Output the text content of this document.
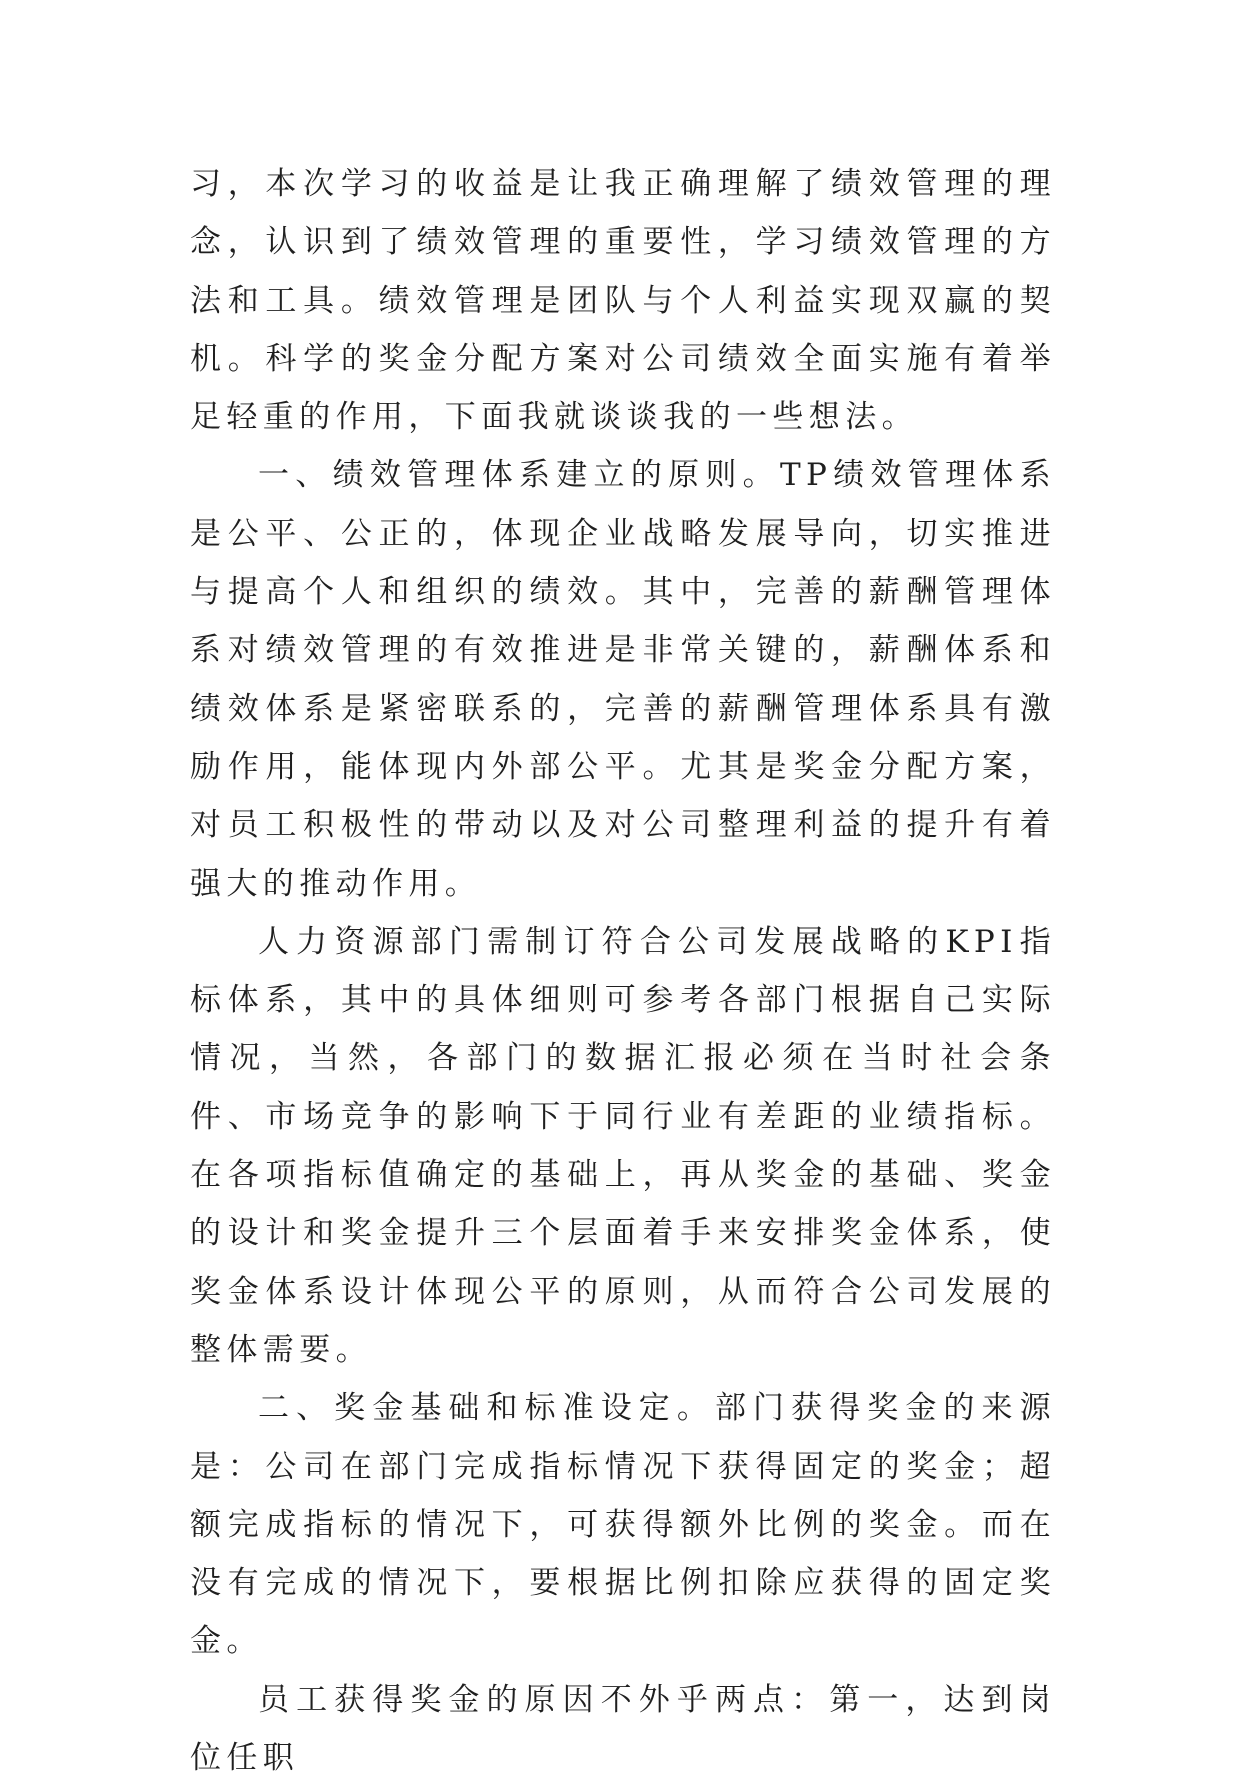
习，本次学习的收益是让我正确理解了绩效管理的理念，认识到了绩效管理的重要性，学习绩效管理的方法和工具。绩效管理是团队与个人利益实现双赢的契机。科学的奖金分配方案对公司绩效全面实施有着举足轻重的作用，下面我就谈谈我的一些想法。

一、绩效管理体系建立的原则。TP绩效管理体系是公平、公正的，体现企业战略发展导向，切实推进与提高个人和组织的绩效。其中，完善的薪酬管理体系对绩效管理的有效推进是非常关键的，薪酬体系和绩效体系是紧密联系的，完善的薪酬管理体系具有激励作用，能体现内外部公平。尤其是奖金分配方案，对员工积极性的带动以及对公司整理利益的提升有着强大的推动作用。

人力资源部门需制订符合公司发展战略的KPI指标体系，其中的具体细则可参考各部门根据自己实际情况，当然，各部门的数据汇报必须在当时社会条件、市场竞争的影响下于同行业有差距的业绩指标。在各项指标值确定的基础上，再从奖金的基础、奖金的设计和奖金提升三个层面着手来安排奖金体系，使奖金体系设计体现公平的原则，从而符合公司发展的整体需要。

二、奖金基础和标准设定。部门获得奖金的来源是：公司在部门完成指标情况下获得固定的奖金；超额完成指标的情况下，可获得额外比例的奖金。而在没有完成的情况下，要根据比例扣除应获得的固定奖金。

员工获得奖金的原因不外乎两点：第一，达到岗位任职
